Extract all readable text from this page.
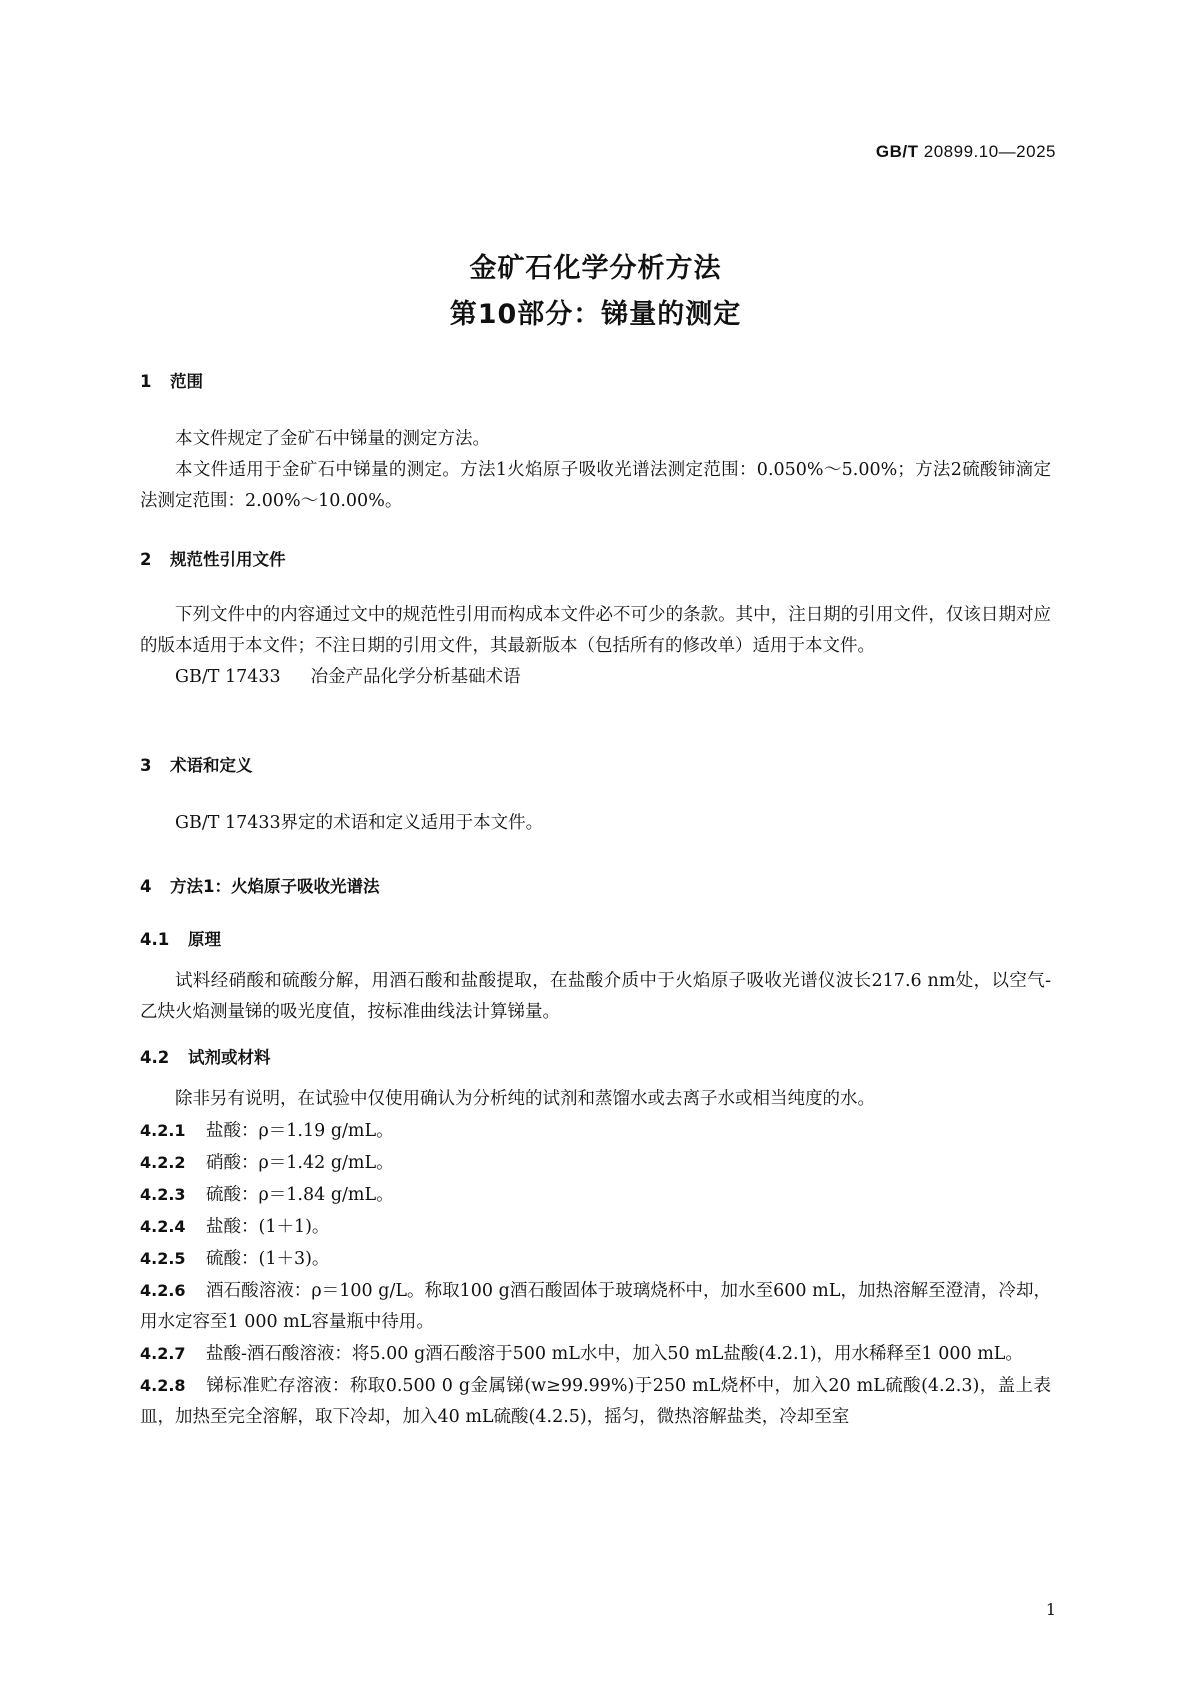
GB/T 20899.10—2025
金矿石化学分析方法
第10部分：锑量的测定
1 范围

本文件规定了金矿石中锑量的测定方法。

本文件适用于金矿石中锑量的测定。方法1火焰原子吸收光谱法测定范围：0.050%～5.00%；方法2硫酸铈滴定法测定范围：2.00%～10.00%。

2 规范性引用文件

下列文件中的内容通过文中的规范性引用而构成本文件必不可少的条款。其中，注日期的引用文件，仅该日期对应的版本适用于本文件；不注日期的引用文件，其最新版本（包括所有的修改单）适用于本文件。

GB/T 17433 冶金产品化学分析基础术语

3 术语和定义

GB/T 17433界定的术语和定义适用于本文件。

4 方法1：火焰原子吸收光谱法
4.1 原理

试料经硝酸和硫酸分解，用酒石酸和盐酸提取，在盐酸介质中于火焰原子吸收光谱仪波长217.6 nm处，以空气-乙炔火焰测量锑的吸光度值，按标准曲线法计算锑量。

4.2 试剂或材料

除非另有说明，在试验中仅使用确认为分析纯的试剂和蒸馏水或去离子水或相当纯度的水。

4.2.1 盐酸：ρ＝1.19 g/mL。

4.2.2 硝酸：ρ＝1.42 g/mL。

4.2.3 硫酸：ρ＝1.84 g/mL。

4.2.4 盐酸：(1＋1)。

4.2.5 硫酸：(1＋3)。

4.2.6 酒石酸溶液：ρ＝100 g/L。称取100 g酒石酸固体于玻璃烧杯中，加水至600 mL，加热溶解至澄清，冷却，用水定容至1 000 mL容量瓶中待用。

4.2.7 盐酸-酒石酸溶液：将5.00 g酒石酸溶于500 mL水中，加入50 mL盐酸(4.2.1)，用水稀释至1 000 mL。

4.2.8 锑标准贮存溶液：称取0.500 0 g金属锑(w≥99.99%)于250 mL烧杯中，加入20 mL硫酸(4.2.3)，盖上表皿，加热至完全溶解，取下冷却，加入40 mL硫酸(4.2.5)，摇匀，微热溶解盐类，冷却至室

1
